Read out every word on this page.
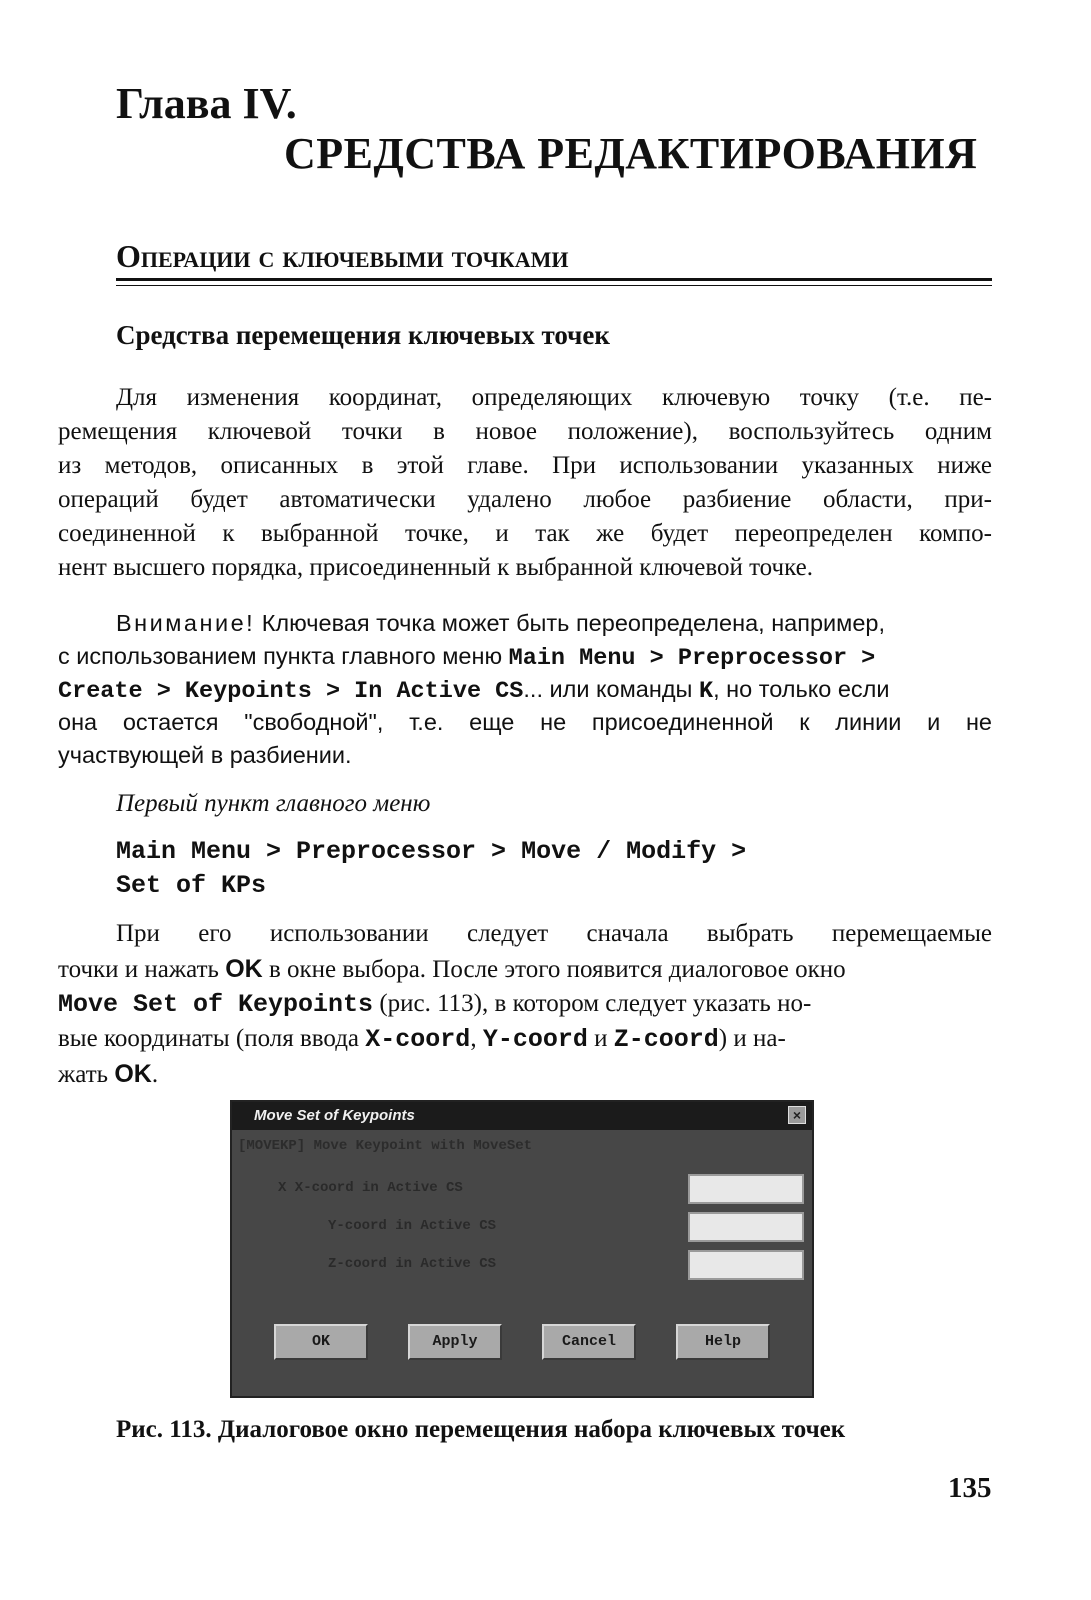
Глава IV.
СРЕДСТВА РЕДАКТИРОВАНИЯ
Операции с ключевыми точками
Средства перемещения ключевых точек
Для изменения координат, определяющих ключевую точку (т.е. пе-
ремещения ключевой точки в новое положение), воспользуйтесь одним
из методов, описанных в этой главе. При использовании указанных ниже
операций будет автоматически удалено любое разбиение области, при-
соединенной к выбранной точке, и так же будет переопределен компо-
нент высшего порядка, присоединенный к выбранной ключевой точке.
Внимание! Ключевая точка может быть переопределена, например,
с использованием пункта главного меню Main Menu > Preprocessor >
Create > Keypoints > In Active CS... или команды K, но только если
она остается "свободной", т.е. еще не присоединенной к линии и не
участвующей в разбиении.
Первый пункт главного меню
Main Menu > Preprocessor > Move / Modify >
Set of KPs
При его использовании следует сначала выбрать перемещаемые
точки и нажать OK в окне выбора. После этого появится диалоговое окно
Move Set of Keypoints (рис. 113), в котором следует указать но-
вые координаты (поля ввода X-coord, Y-coord и Z-coord) и на-
жать OK.
Move Set of Keypoints	×
[MOVEKP] Move Keypoint with MoveSet
X X-coord in Active CS
Y-coord in Active CS
Z-coord in Active CS
OK	Apply	Cancel	Help
Рис. 113. Диалоговое окно перемещения набора ключевых точек
135
